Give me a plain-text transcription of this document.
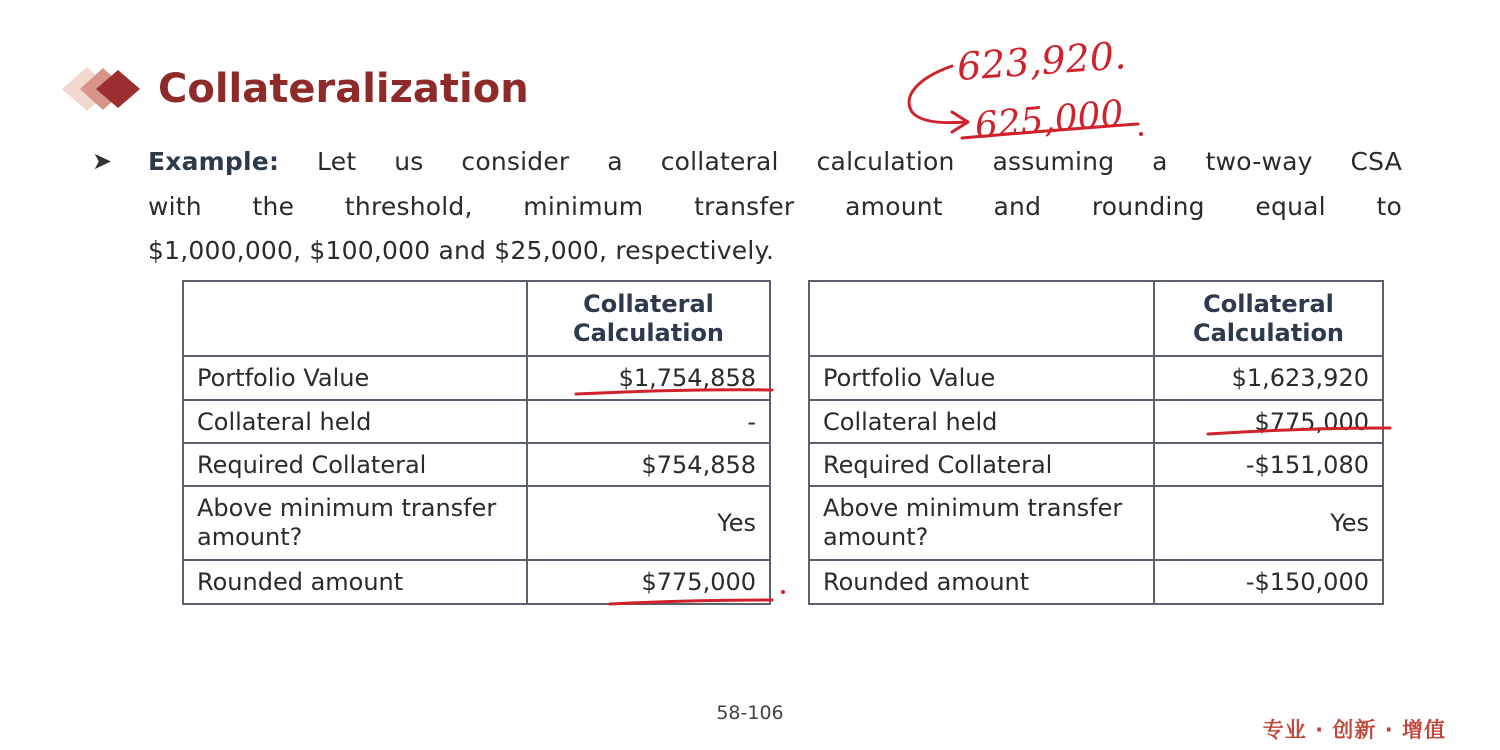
Collateralization
➤ Example: Let us consider a collateral calculation assuming a two-way CSA
with the threshold, minimum transfer amount and rounding equal to
$1,000,000, $100,000 and $25,000, respectively.
	Collateral Calculation
Portfolio Value	$1,754,858
Collateral held	-
Required Collateral	$754,858
Above minimum transfer amount?	Yes
Rounded amount	$775,000
	Collateral Calculation
Portfolio Value	$1,623,920
Collateral held	$775,000
Required Collateral	-$151,080
Above minimum transfer amount?	Yes
Rounded amount	-$150,000
58-106
专业 · 创新 · 增值
623,920.
625,000
